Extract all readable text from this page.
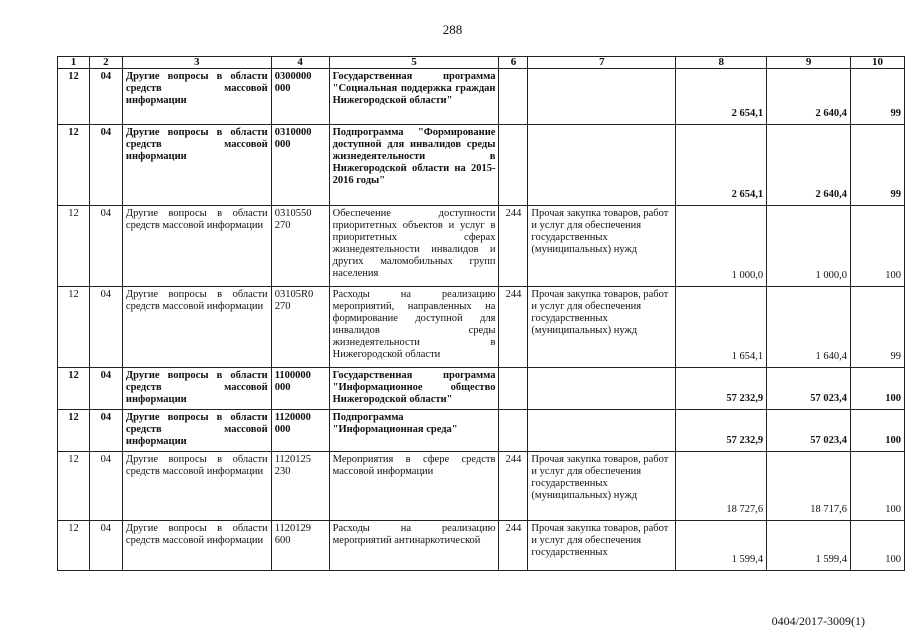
288
1	2	3	4	5	6	7	8	9	10
12	04	Другие вопросы в области средств массовой информации	0300000 000	Государственная программа "Социальная поддержка граждан Нижегородской области"			2 654,1	2 640,4	99
12	04	Другие вопросы в области средств массовой информации	0310000 000	Подпрограмма "Формирование доступной для инвалидов среды жизнедеятельности в Нижегородской области на 2015-2016 годы"			2 654,1	2 640,4	99
12	04	Другие вопросы в области средств массовой информации	0310550 270	Обеспечение доступности приоритетных объектов и услуг в приоритетных сферах жизнедеятельности инвалидов и других маломобильных групп населения	244	Прочая закупка товаров, работ и услуг для обеспечения государственных (муниципальных) нужд	1 000,0	1 000,0	100
12	04	Другие вопросы в области средств массовой информации	03105R0 270	Расходы на реализацию мероприятий, направленных на формирование доступной для инвалидов среды жизнедеятельности в Нижегородской области	244	Прочая закупка товаров, работ и услуг для обеспечения государственных (муниципальных) нужд	1 654,1	1 640,4	99
12	04	Другие вопросы в области средств массовой информации	1100000 000	Государственная программа "Информационное общество Нижегородской области"			57 232,9	57 023,4	100
12	04	Другие вопросы в области средств массовой информации	1120000 000	Подпрограмма "Информационная среда"			57 232,9	57 023,4	100
12	04	Другие вопросы в области средств массовой информации	1120125 230	Мероприятия в сфере средств массовой информации	244	Прочая закупка товаров, работ и услуг для обеспечения государственных (муниципальных) нужд	18 727,6	18 717,6	100
12	04	Другие вопросы в области средств массовой информации	1120129 600	Расходы на реализацию мероприятий антинаркотической	244	Прочая закупка товаров, работ и услуг для обеспечения государственных	1 599,4	1 599,4	100
0404/2017-3009(1)
